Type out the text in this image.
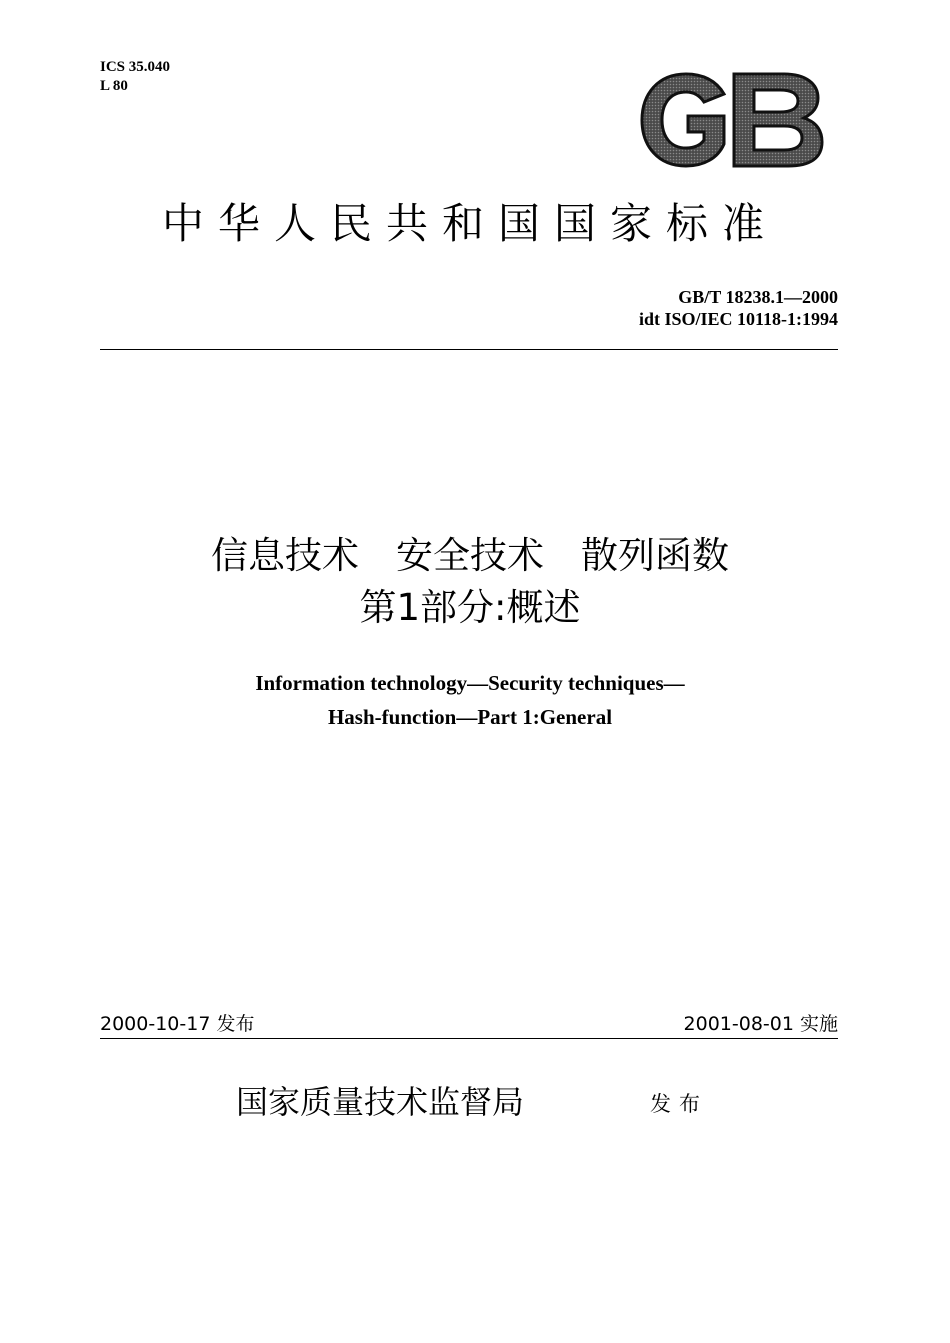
ICS 35.040
L 80
中华人民共和国国家标准
GB/T 18238.1—2000
idt ISO/IEC 10118-1:1994
信息技术　安全技术　散列函数
第1部分:概述
Information technology—Security techniques—
Hash-function—Part 1:General
2000-10-17 发布	2001-08-01 实施
国家质量技术监督局	发布
